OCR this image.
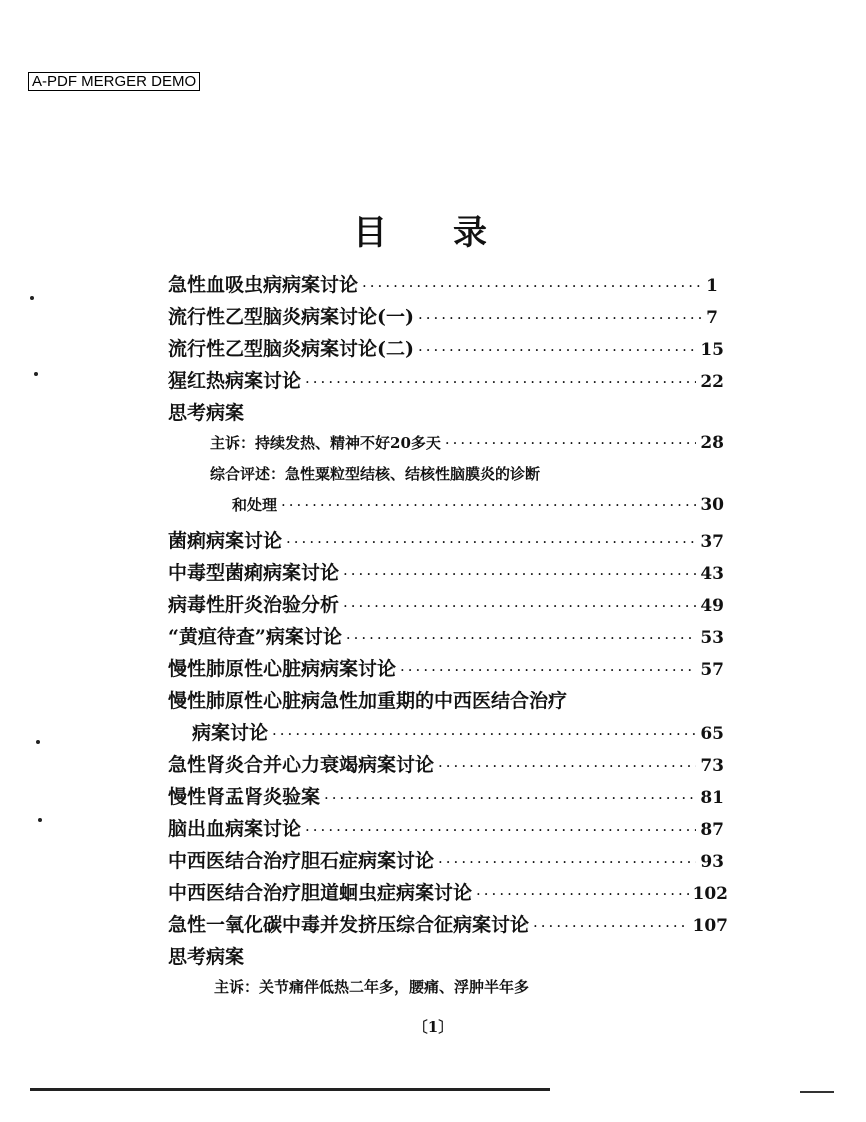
A-PDF MERGER DEMO
目录
急性血吸虫病病案讨论 ·····	1
流行性乙型脑炎病案讨论(一) ·····	7
流行性乙型脑炎病案讨论(二) ·····	15
猩红热病案讨论 ·····	22
思考病案
主诉：持续发热、精神不好20多天 ·····	28
综合评述：急性粟粒型结核、结核性脑膜炎的诊断
和处理 ·····	30
菌痢病案讨论 ·····	37
中毒型菌痢病案讨论 ·····	43
病毒性肝炎治验分析 ·····	49
“黄疸待查”病案讨论 ·····	53
慢性肺原性心脏病病案讨论 ·····	57
慢性肺原性心脏病急性加重期的中西医结合治疗
病案讨论 ·····	65
急性肾炎合并心力衰竭病案讨论 ·····	73
慢性肾盂肾炎验案 ·····	81
脑出血病案讨论 ·····	87
中西医结合治疗胆石症病案讨论 ·····	93
中西医结合治疗胆道蛔虫症病案讨论 ·····	102
急性一氧化碳中毒并发挤压综合征病案讨论 ·····	107
思考病案
主诉：关节痛伴低热二年多，腰痛、浮肿半年多
〔1〕
